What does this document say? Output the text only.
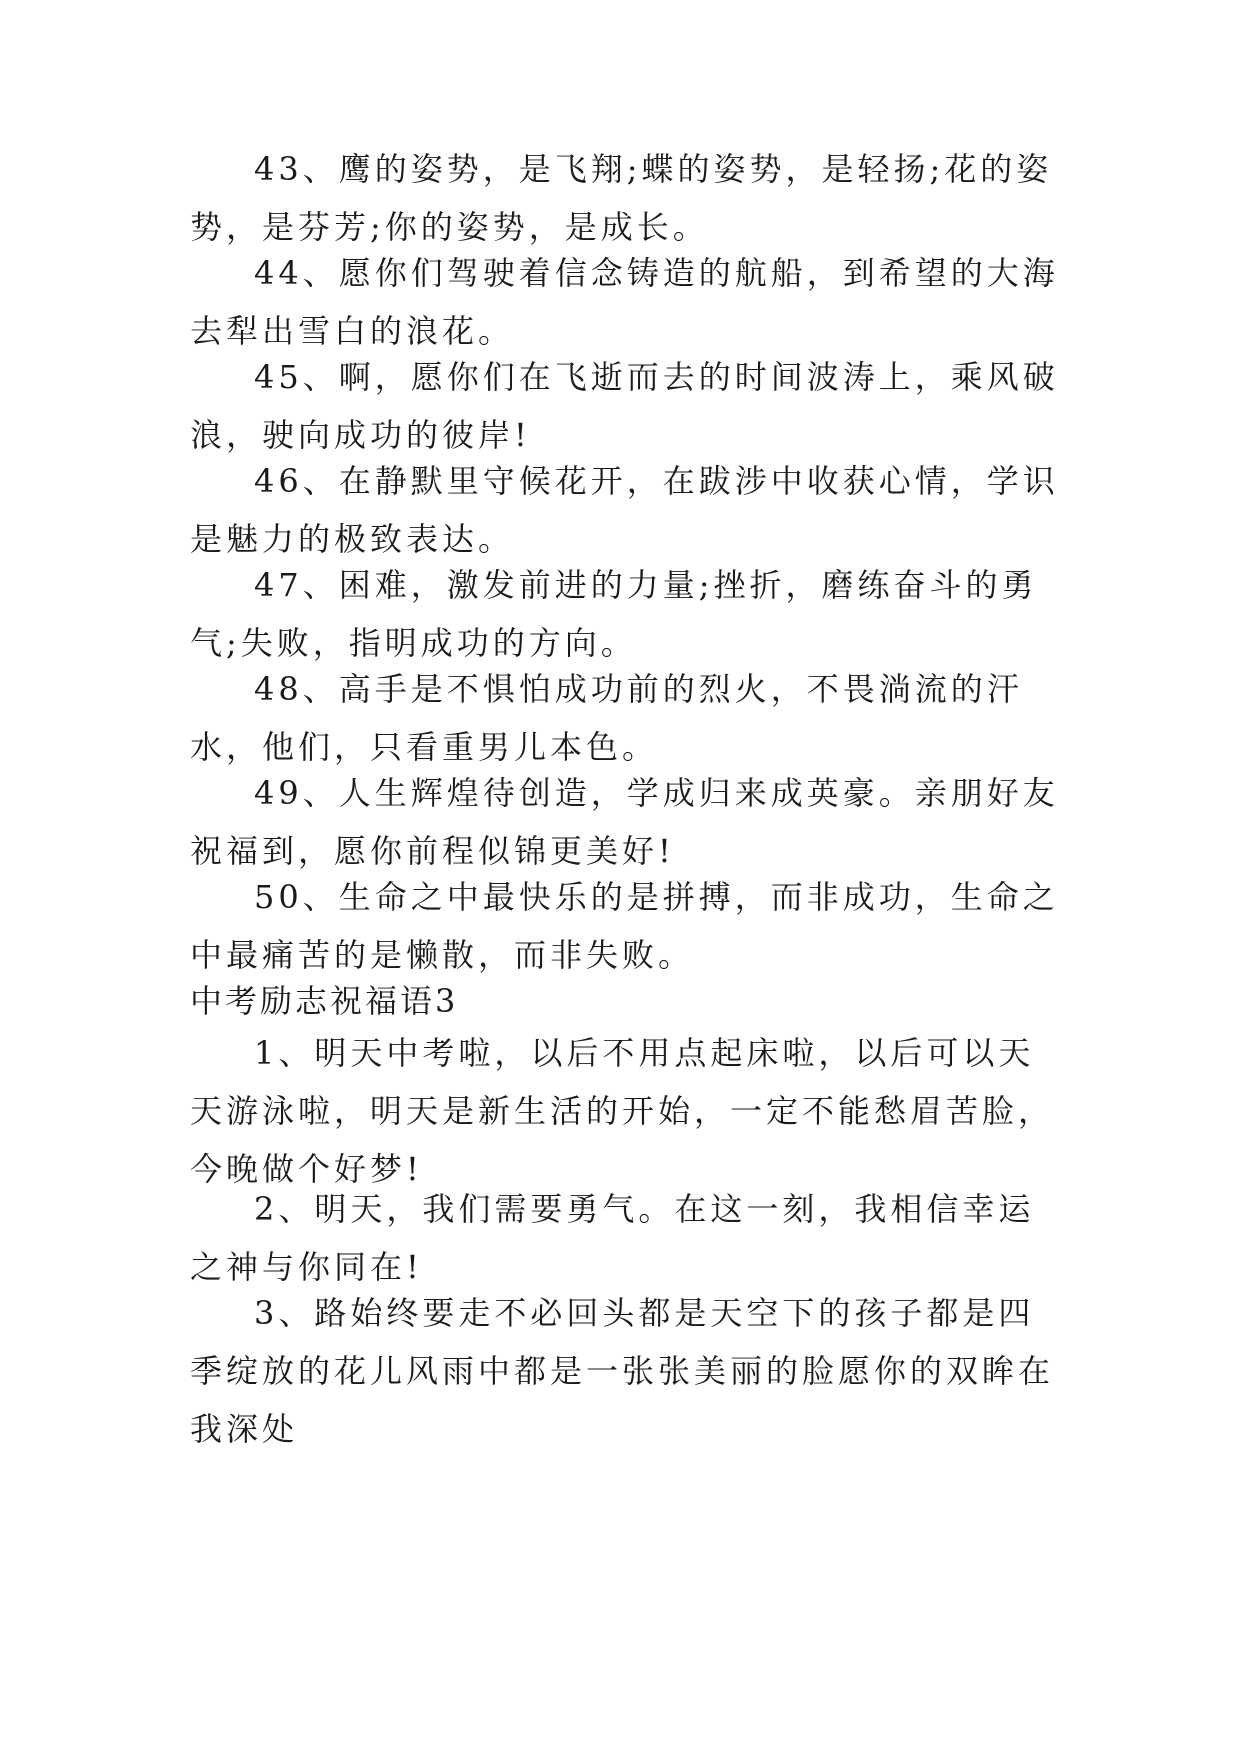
43、鹰的姿势，是飞翔;蝶的姿势，是轻扬;花的姿势，是芬芳;你的姿势，是成长。

44、愿你们驾驶着信念铸造的航船，到希望的大海去犁出雪白的浪花。

45、啊，愿你们在飞逝而去的时间波涛上，乘风破浪，驶向成功的彼岸!

46、在静默里守候花开，在跋涉中收获心情，学识是魅力的极致表达。

47、困难，激发前进的力量;挫折，磨练奋斗的勇气;失败，指明成功的方向。

48、高手是不惧怕成功前的烈火，不畏淌流的汗水，他们，只看重男儿本色。

49、人生辉煌待创造，学成归来成英豪。亲朋好友祝福到，愿你前程似锦更美好!

50、生命之中最快乐的是拼搏，而非成功，生命之中最痛苦的是懒散，而非失败。

中考励志祝福语3

1、明天中考啦，以后不用点起床啦，以后可以天天游泳啦，明天是新生活的开始，一定不能愁眉苦脸，今晚做个好梦!

2、明天，我们需要勇气。在这一刻，我相信幸运之神与你同在!

3、路始终要走不必回头都是天空下的孩子都是四季绽放的花儿风雨中都是一张张美丽的脸愿你的双眸在我深处
